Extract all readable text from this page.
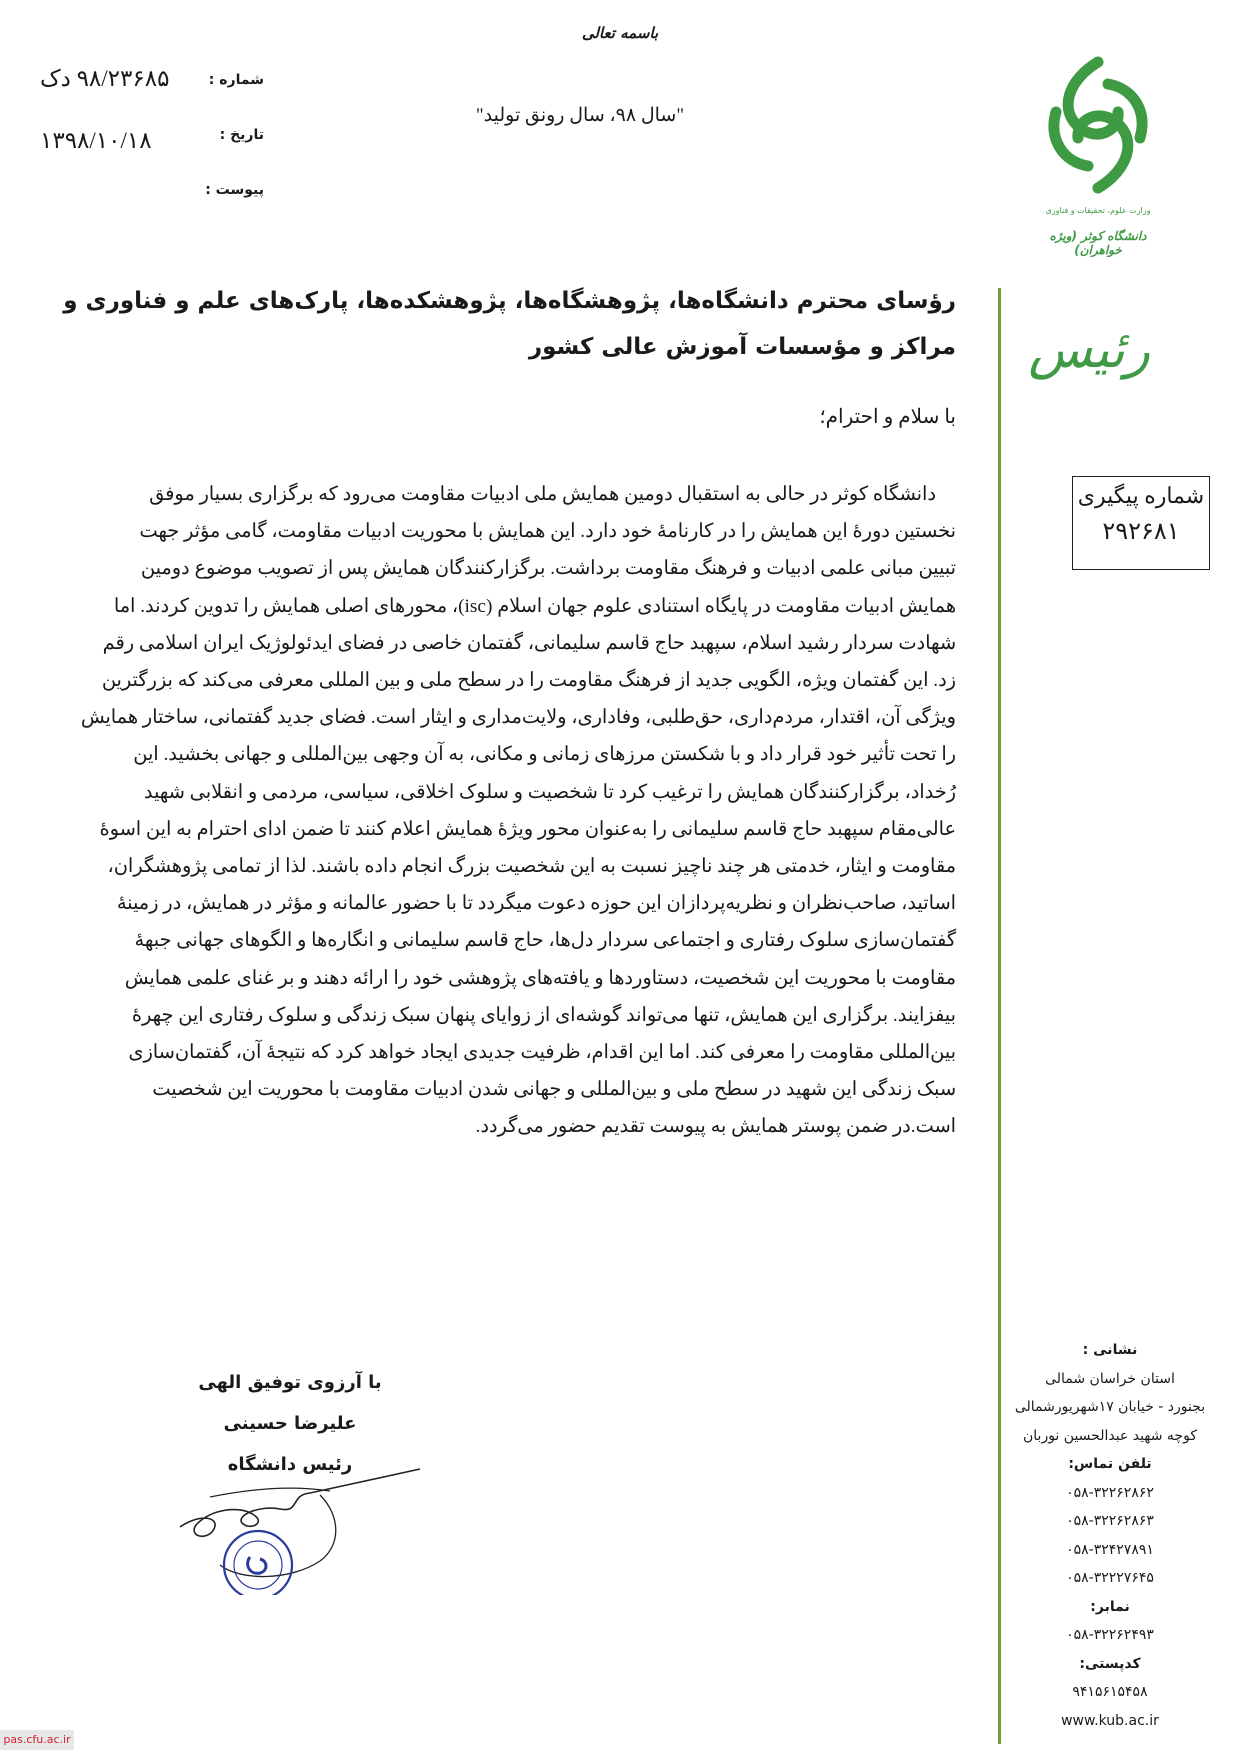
باسمه تعالی
"سال ۹۸، سال رونق تولید"
شماره :
۹۸/۲۳۶۸۵ دک
تاریخ :
۱۳۹۸/۱۰/۱۸
پیوست :
وزارت علوم، تحقیقات و فناوری
دانشگاه کوثر (ویژه خواهران)
رئیس
شماره پیگیری
۲۹۲۶۸۱
رؤسای محترم دانشگاه‌ها، پژوهشگاه‌ها، پژوهشکده‌ها، پارک‌های علم و فناوری و
مراکز و مؤسسات آموزش عالی کشور
با سلام و احترام؛
دانشگاه کوثر در حالی به استقبال دومین همایش ملی ادبیات مقاومت می‌رود که برگزاری بسیار موفق
نخستین دورهٔ این همایش را در کارنامهٔ خود دارد. این همایش با محوریت ادبیات مقاومت، گامی مؤثر جهت
تبیین مبانی علمی ادبیات و فرهنگ مقاومت برداشت. برگزارکنندگان همایش پس از تصویب موضوع دومین
همایش ادبیات مقاومت در پایگاه استنادی علوم جهان اسلام (isc)، محورهای اصلی همایش را تدوین کردند. اما
شهادت سردار رشید اسلام، سپهبد حاج قاسم سلیمانی، گفتمان خاصی در فضای ایدئولوژیک ایران اسلامی رقم
زد. این گفتمان ویژه، الگویی جدید از فرهنگ مقاومت را در سطح ملی و بین المللی معرفی می‌کند که بزرگترین
ویژگی آن، اقتدار، مردم‌داری، حق‌طلبی، وفاداری، ولایت‌مداری و ایثار است. فضای جدید گفتمانی، ساختار همایش
را تحت تأثیر خود قرار داد و با شکستن مرزهای زمانی و مکانی، به آن وجهی بین‌المللی و جهانی بخشید. این
رُخداد، برگزارکنندگان همایش را ترغیب کرد تا شخصیت و سلوک اخلاقی، سیاسی، مردمی و انقلابی شهید
عالی‌مقام سپهبد حاج قاسم سلیمانی را به‌عنوان محور ویژهٔ همایش اعلام کنند تا ضمن ادای احترام به این اسوهٔ
مقاومت و ایثار، خدمتی هر چند ناچیز نسبت به این شخصیت بزرگ انجام داده باشند. لذا از تمامی پژوهشگران،
اساتید، صاحب‌نظران و نظریه‌پردازان این حوزه دعوت میگردد تا با حضور عالمانه و مؤثر در همایش، در زمینهٔ
گفتمان‌سازی سلوک رفتاری و اجتماعی سردار دل‌ها، حاج قاسم سلیمانی و انگاره‌ها و الگوهای جهانی جبههٔ
مقاومت با محوریت این شخصیت، دستاوردها و یافته‌های پژوهشی خود را ارائه دهند و بر غنای علمی همایش
بیفزایند. برگزاری این همایش، تنها می‌تواند گوشه‌ای از زوایای پنهان سبک زندگی و سلوک رفتاری این چهرهٔ
بین‌المللی مقاومت را معرفی کند. اما این اقدام، ظرفیت جدیدی ایجاد خواهد کرد که نتیجهٔ آن، گفتمان‌سازی
سبک زندگی این شهید در سطح ملی و بین‌المللی و جهانی شدن ادبیات مقاومت با محوریت این شخصیت
است.در ضمن پوستر همایش به پیوست تقدیم حضور می‌گردد.
با آرزوی توفیق الهی
علیرضا حسینی
رئیس دانشگاه
نشانی :
استان خراسان شمالی
بجنورد - خیابان ۱۷شهریورشمالی
کوچه شهید عبدالحسین نوربان
تلفن تماس:
۰۵۸-۳۲۲۶۲۸۶۲
۰۵۸-۳۲۲۶۲۸۶۳
۰۵۸-۳۲۴۲۷۸۹۱
۰۵۸-۳۲۲۲۷۶۴۵
نمابر:
۰۵۸-۳۲۲۶۲۴۹۳
کدپستی:
۹۴۱۵۶۱۵۴۵۸
www.kub.ac.ir
pas.cfu.ac.ir
